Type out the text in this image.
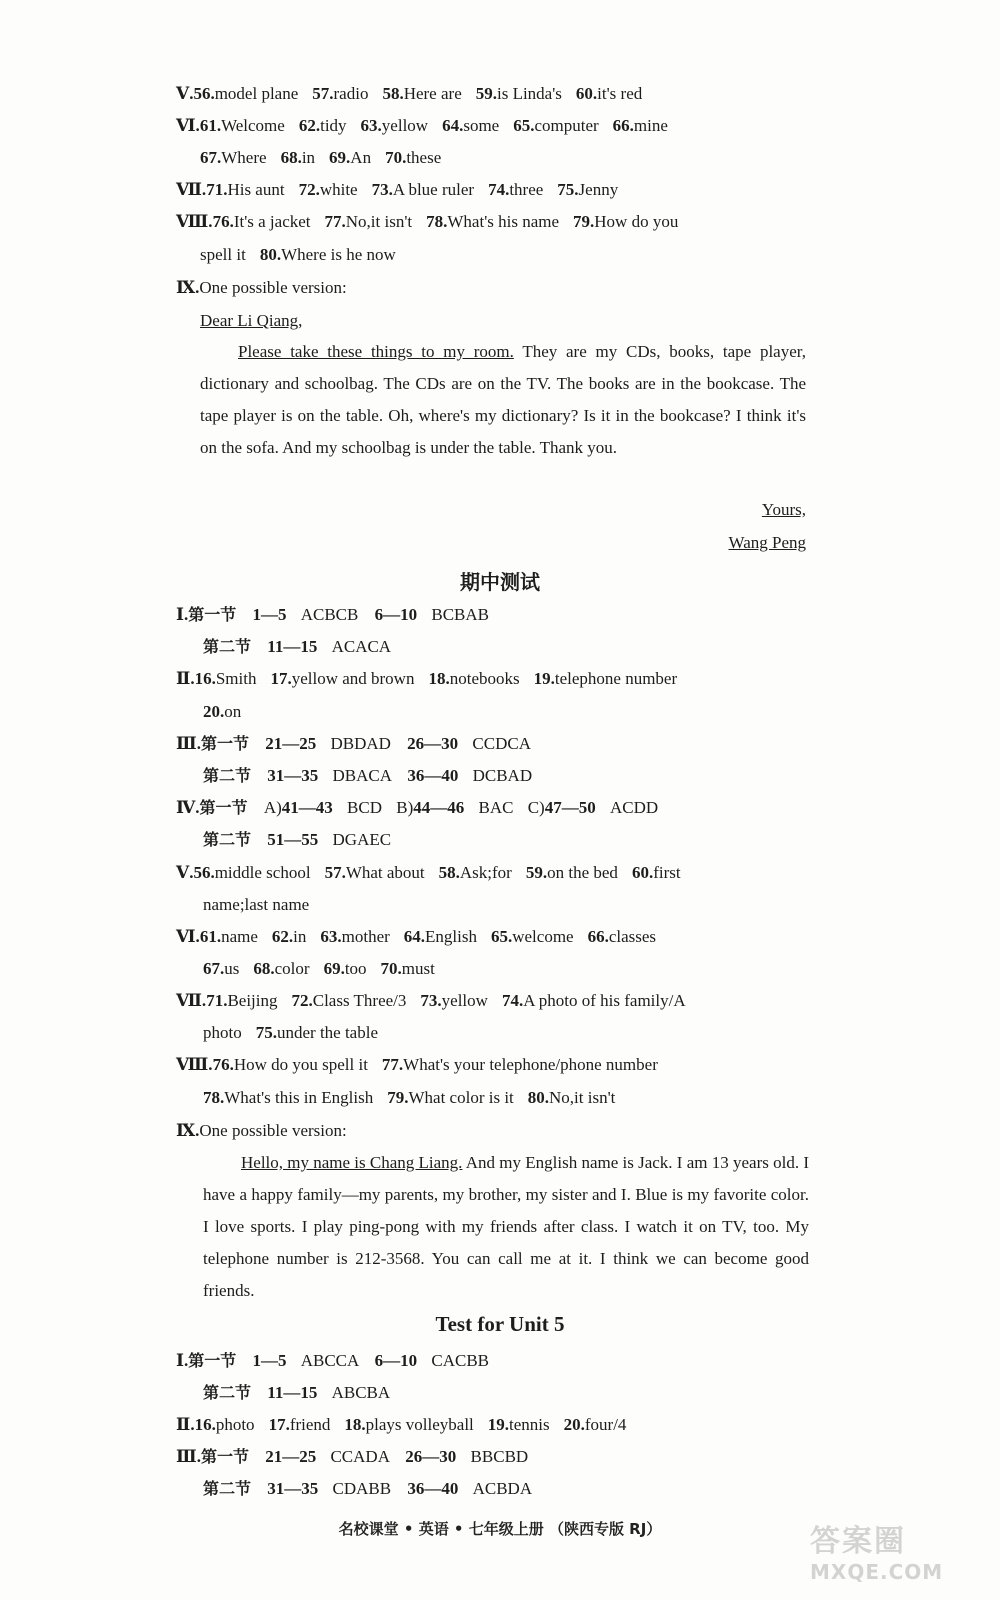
Ⅴ.56.model plane 57.radio 58.Here are 59.is Linda's 60.it's red
Ⅵ.61.Welcome 62.tidy 63.yellow 64.some 65.computer 66.mine
67.Where 68.in 69.An 70.these
Ⅶ.71.His aunt 72.white 73.A blue ruler 74.three 75.Jenny
Ⅷ.76.It's a jacket 77.No,it isn't 78.What's his name 79.How do you
spell it 80.Where is he now
Ⅸ.One possible version:
Dear Li Qiang,
Please take these things to my room. They are my CDs, books, tape player, dictionary and schoolbag. The CDs are on the TV. The books are in the bookcase. The tape player is on the table. Oh, where's my dictionary? Is it in the bookcase? I think it's on the sofa. And my schoolbag is under the table. Thank you.
Yours,
Wang Peng
期中测试
Ⅰ.第一节 1—5 ACBCB 6—10 BCBAB
第二节 11—15 ACACA
Ⅱ.16.Smith 17.yellow and brown 18.notebooks 19.telephone number
20.on
Ⅲ.第一节 21—25 DBDAD 26—30 CCDCA
第二节 31—35 DBACA 36—40 DCBAD
Ⅳ.第一节 A)41—43 BCD B)44—46 BAC C)47—50 ACDD
第二节 51—55 DGAEC
Ⅴ.56.middle school 57.What about 58.Ask;for 59.on the bed 60.first
name;last name
Ⅵ.61.name 62.in 63.mother 64.English 65.welcome 66.classes
67.us 68.color 69.too 70.must
Ⅶ.71.Beijing 72.Class Three/3 73.yellow 74.A photo of his family/A
photo 75.under the table
Ⅷ.76.How do you spell it 77.What's your telephone/phone number
78.What's this in English 79.What color is it 80.No,it isn't
Ⅸ.One possible version:
Hello, my name is Chang Liang. And my English name is Jack. I am 13 years old. I have a happy family—my parents, my brother, my sister and I. Blue is my favorite color. I love sports. I play ping-pong with my friends after class. I watch it on TV, too. My telephone number is 212-3568. You can call me at it. I think we can become good friends.
Test for Unit 5
Ⅰ.第一节 1—5 ABCCA 6—10 CACBB
第二节 11—15 ABCBA
Ⅱ.16.photo 17.friend 18.plays volleyball 19.tennis 20.four/4
Ⅲ.第一节 21—25 CCADA 26—30 BBCBD
第二节 31—35 CDABB 36—40 ACBDA
名校课堂 • 英语 • 七年级上册 （陕西专版 RJ）	答案圈
MXQE.COM
